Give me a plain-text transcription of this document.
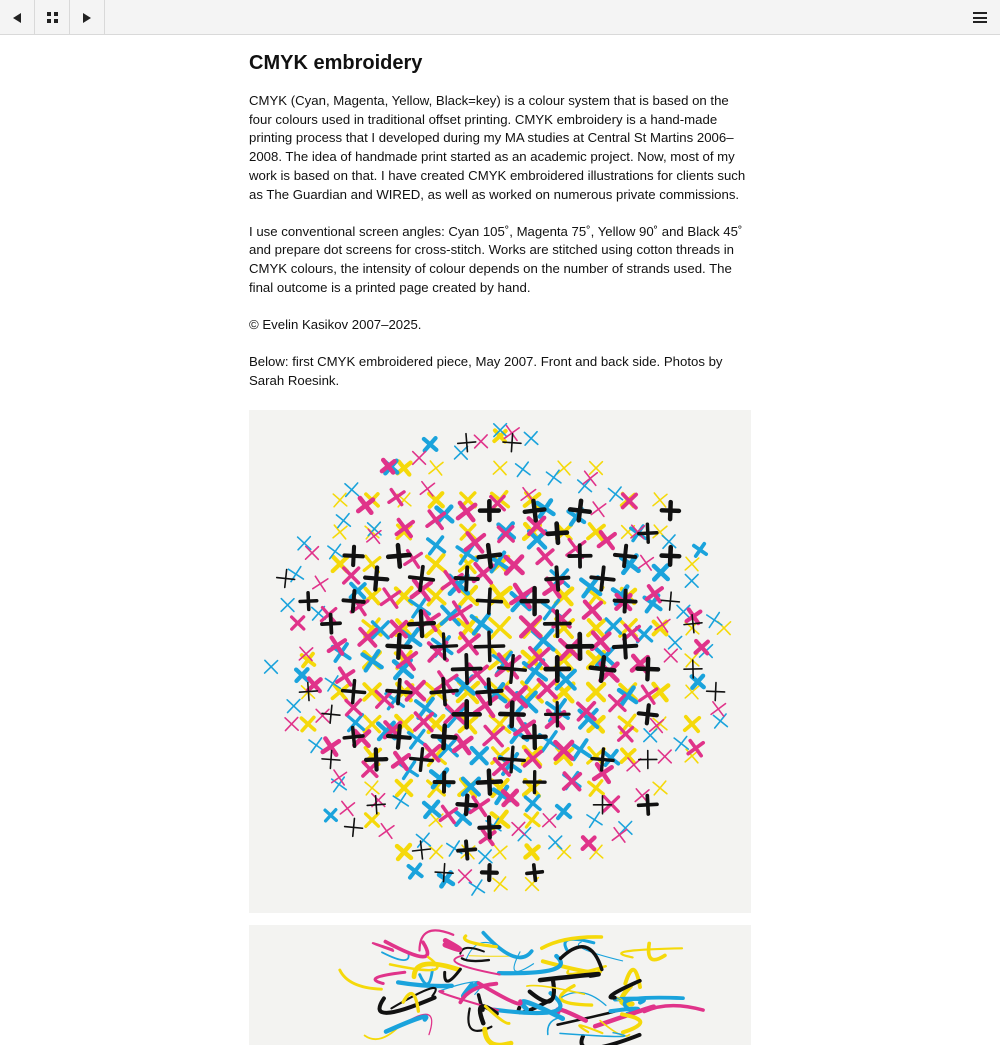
CMYK embroidery

CMYK (Cyan, Magenta, Yellow, Black=key) is a colour system that is based on the four colours used in traditional offset printing. CMYK embroidery is a hand-made printing process that I developed during my MA studies at Central St Martins 2006–2008. The idea of handmade print started as an academic project. Now, most of my work is based on that. I have created CMYK embroidered illustrations for clients such as The Guardian and WIRED, as well as worked on numerous private commissions.

I use conventional screen angles: Cyan 105˚, Magenta 75˚, Yellow 90˚ and Black 45˚ and prepare dot screens for cross-stitch. Works are stitched using cotton threads in CMYK colours, the intensity of colour depends on the number of strands used. The final outcome is a printed page created by hand.

© Evelin Kasikov 2007–2025.

Below: first CMYK embroidered piece, May 2007. Front and back side. Photos by Sarah Roesink.
